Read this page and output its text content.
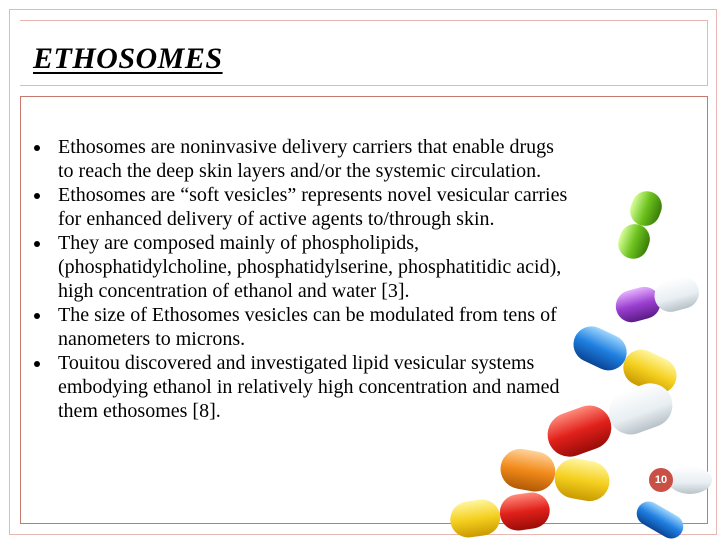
ETHOSOMES
Ethosomes are noninvasive delivery carriers that enable drugs
to reach the deep skin layers and/or the systemic circulation.
Ethosomes are “soft vesicles” represents novel vesicular carries
for enhanced delivery of active agents to/through skin.
They are composed mainly of phospholipids,
(phosphatidylcholine, phosphatidylserine, phosphatitidic acid),
high concentration of ethanol and water [3].
The size of Ethosomes vesicles can be modulated from tens of
nanometers to microns.
Touitou discovered and investigated lipid vesicular systems
embodying ethanol in relatively high concentration and named
them ethosomes [8].
10
